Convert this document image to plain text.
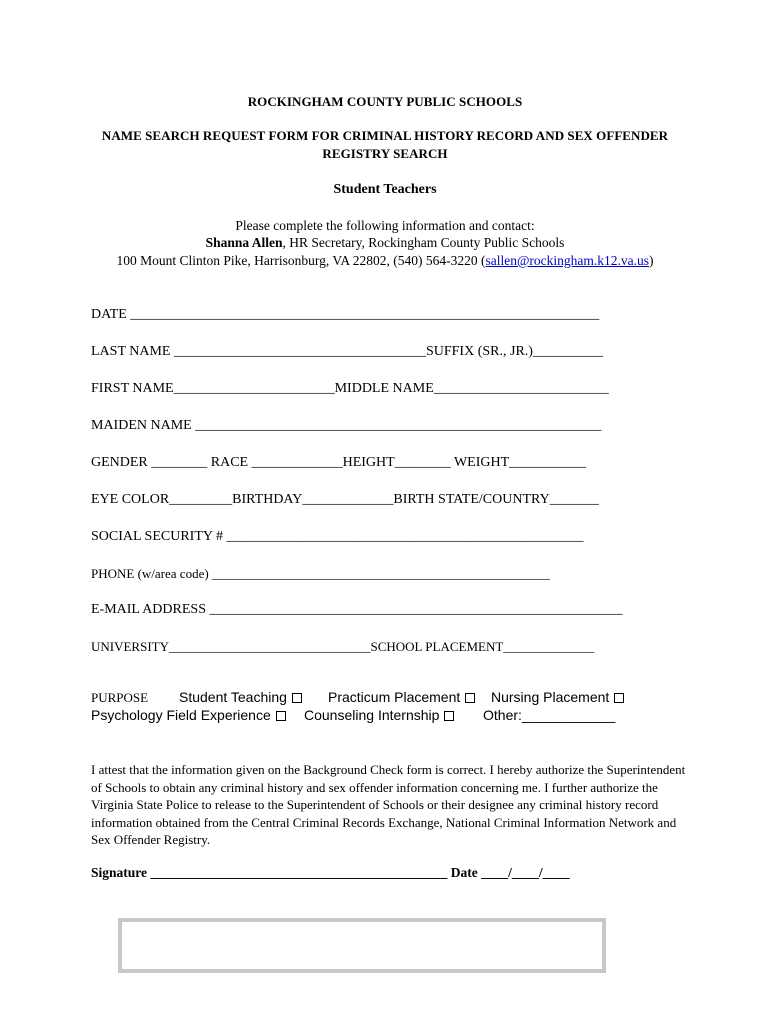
ROCKINGHAM COUNTY PUBLIC SCHOOLS
NAME SEARCH REQUEST FORM FOR CRIMINAL HISTORY RECORD AND SEX OFFENDER
REGISTRY SEARCH
Student Teachers
Please complete the following information and contact:
Shanna Allen, HR Secretary, Rockingham County Public Schools
100 Mount Clinton Pike, Harrisonburg, VA 22802, (540) 564-3220 (sallen@rockingham.k12.va.us)
DATE ___________________________________________________________________
LAST NAME ____________________________________SUFFIX (SR., JR.)__________
FIRST NAME_______________________MIDDLE NAME_________________________
MAIDEN NAME __________________________________________________________
GENDER ________ RACE _____________HEIGHT________ WEIGHT___________
EYE COLOR_________BIRTHDAY_____________BIRTH STATE/COUNTRY_______
SOCIAL SECURITY # ___________________________________________________
PHONE (w/area code) ____________________________________________________
E-MAIL ADDRESS ___________________________________________________________
UNIVERSITY_______________________________SCHOOL PLACEMENT______________
PURPOSE Student Teaching	Practicum Placement	Nursing Placement
Psychology Field Experience	Counseling Internship	Other:____________
I attest that the information given on the Background Check form is correct. I hereby authorize the Superintendent of Schools to obtain any criminal history and sex offender information concerning me. I further authorize the Virginia State Police to release to the Superintendent of Schools or their designee any criminal history record information obtained from the Central Criminal Records Exchange, National Criminal Information Network and Sex Offender Registry.
Signature ____________________________________________ Date ____/____/____
